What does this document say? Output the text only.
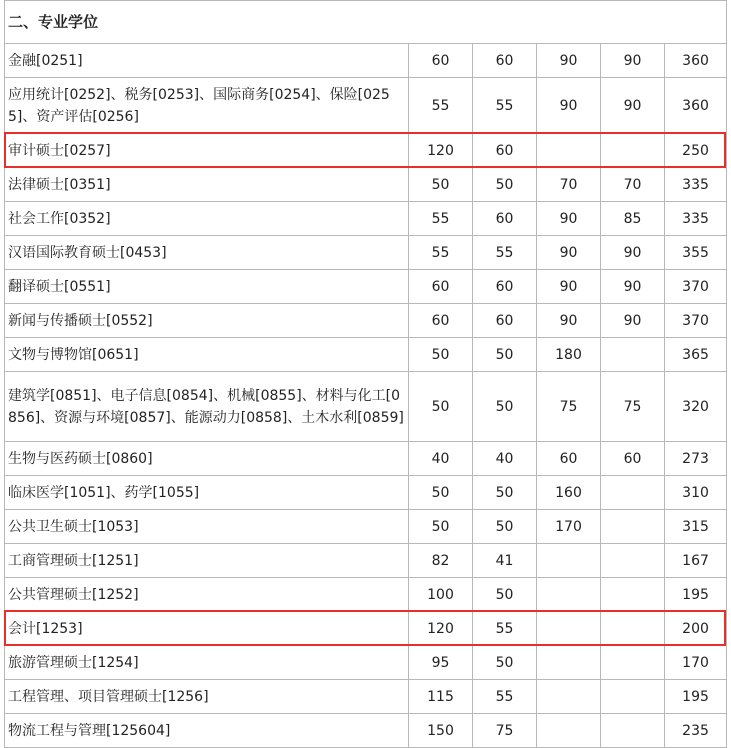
二、专业学位					
金融[0251]	60	60	90	90	360
应用统计[0252]、税务[0253]、国际商务[0254]、保险[0255]、资产评估[0256]	55	55	90	90	360
审计硕士[0257]	120	60			250
法律硕士[0351]	50	50	70	70	335
社会工作[0352]	55	60	90	85	335
汉语国际教育硕士[0453]	55	55	90	90	355
翻译硕士[0551]	60	60	90	90	370
新闻与传播硕士[0552]	60	60	90	90	370
文物与博物馆[0651]	50	50	180		365
建筑学[0851]、电子信息[0854]、机械[0855]、材料与化工[0856]、资源与环境[0857]、能源动力[0858]、土木水利[0859]	50	50	75	75	320
生物与医药硕士[0860]	40	40	60	60	273
临床医学[1051]、药学[1055]	50	50	160		310
公共卫生硕士[1053]	50	50	170		315
工商管理硕士[1251]	82	41			167
公共管理硕士[1252]	100	50			195
会计[1253]	120	55			200
旅游管理硕士[1254]	95	50			170
工程管理、项目管理硕士[1256]	115	55			195
物流工程与管理[125604]	150	75			235
